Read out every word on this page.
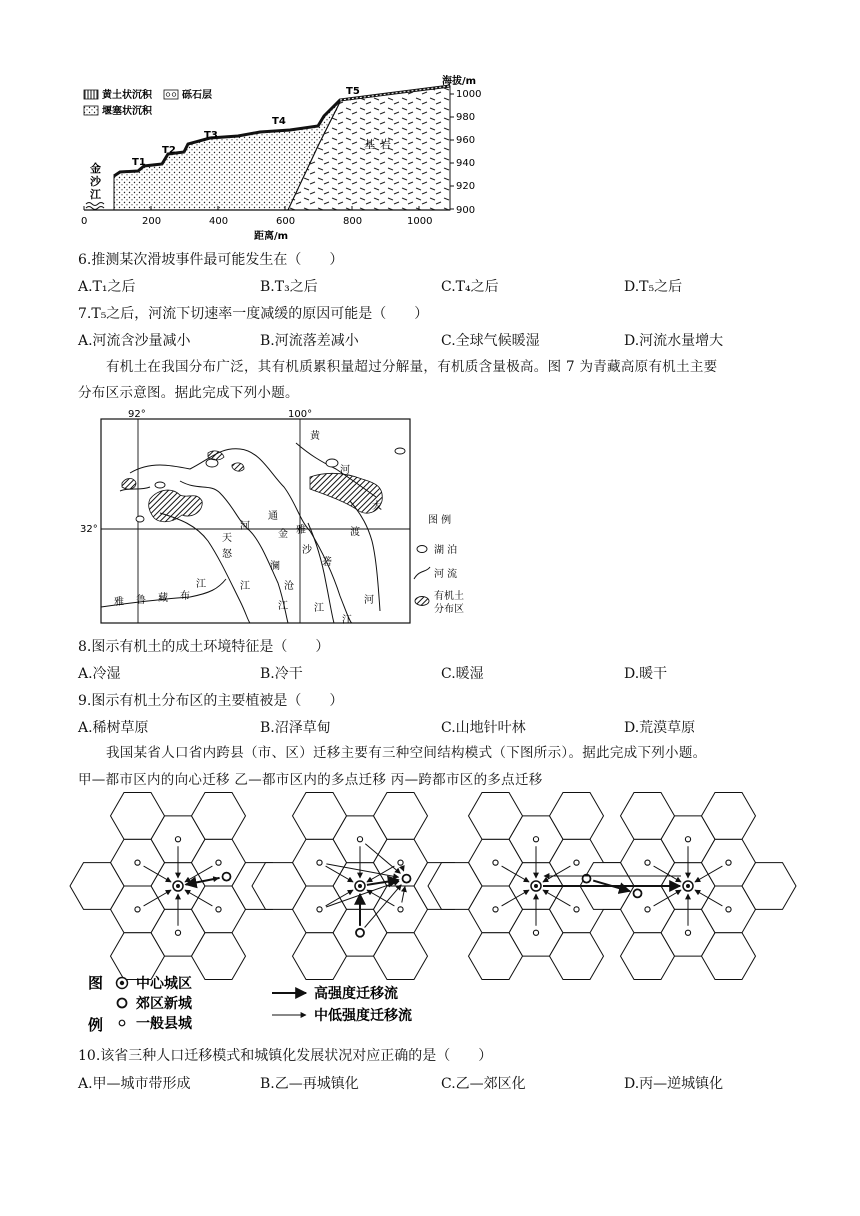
黄土状沉积	砾石层
堰塞状沉积
T1
T2
T3
T4
T5
基 岩
金
沙
江
海拔/m
1000
980
960
940
920
900
0	200	400	600	800	1000
距离/m
6.推测某次滑坡事件最可能发生在（　　）
A.T₁之后	B.T₃之后	C.T₄之后	D.T₅之后
7.T₅之后，河流下切速率一度减缓的原因可能是（　　）
A.河流含沙量减小	B.河流落差减小	C.全球气候暖湿	D.河流水量增大
有机土在我国分布广泛，其有机质累积量超过分解量，有机质含量极高。图 7 为青藏高原有机土主要
分布区示意图。据此完成下列小题。
92°	100°
32°
黄
河
通
大
金 雅
怒
江
澜
沧
江
沙
江
砻
江
渡
河
雅 鲁 藏 布
江
天
河
图 例
湖 泊
河 流
有机土
分布区
8.图示有机土的成土环境特征是（　　）
A.冷湿	B.冷干	C.暖湿	D.暖干
9.图示有机土分布区的主要植被是（　　）
A.稀树草原	B.沼泽草甸	C.山地针叶林	D.荒漠草原
我国某省人口省内跨县（市、区）迁移主要有三种空间结构模式（下图所示）。据此完成下列小题。
甲—都市区内的向心迁移 乙—都市区内的多点迁移 丙—跨都市区的多点迁移
图
例
中心城区
郊区新城
一般县城
高强度迁移流
中低强度迁移流
10.该省三种人口迁移模式和城镇化发展状况对应正确的是（　　）
A.甲—城市带形成	B.乙—再城镇化	C.乙—郊区化	D.丙—逆城镇化
